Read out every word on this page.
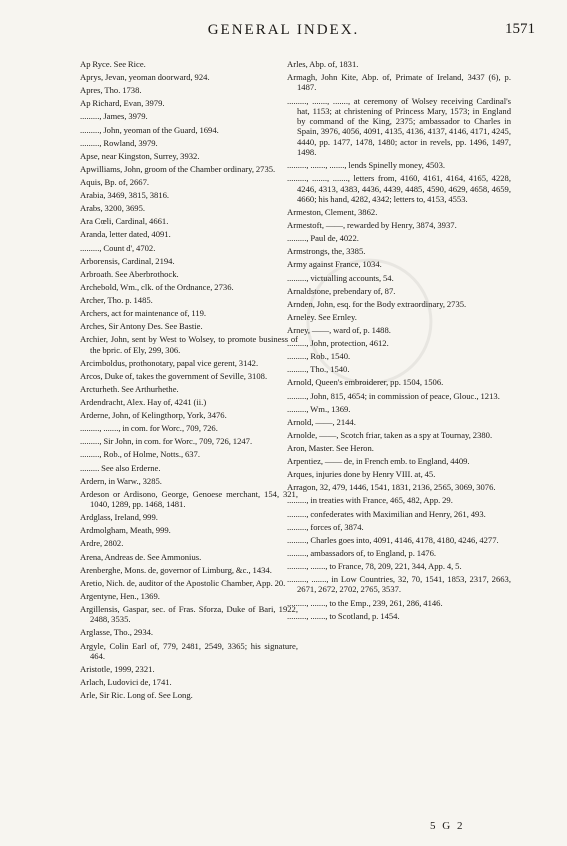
GENERAL INDEX.	1571
Ap Ryce. See Rice.
Aprys, Jevan, yeoman doorward, 924.
Apres, Tho. 1738.
Ap Richard, Evan, 3979.
........., James, 3979.
........., John, yeoman of the Guard, 1694.
........., Rowland, 3979.
Apse, near Kingston, Surrey, 3932.
Apwilliams, John, groom of the Chamber ordinary, 2735.
Aquis, Bp. of, 2667.
Arabia, 3469, 3815, 3816.
Arabs, 3200, 3695.
Ara Cœli, Cardinal, 4661.
Aranda, letter dated, 4091.
........., Count d', 4702.
Arborensis, Cardinal, 2194.
Arbroath. See Aberbrothock.
Archebold, Wm., clk. of the Ordnance, 2736.
Archer, Tho. p. 1485.
Archers, act for maintenance of, 119.
Arches, Sir Antony Des. See Bastie.
Archier, John, sent by West to Wolsey, to promote business of the bpric. of Ely, 299, 306.
Arcimboldus, prothonotary, papal vice gerent, 3142.
Arcos, Duke of, takes the government of Seville, 3108.
Arcturheth. See Arthurhethe.
Ardendracht, Alex. Hay of, 4241 (ii.)
Arderne, John, of Kelingthorp, York, 3476.
........., ......., in com. for Worc., 709, 726.
........., Sir John, in com. for Worc., 709, 726, 1247.
........., Rob., of Holme, Notts., 637.
......... See also Erderne.
Ardern, in Warw., 3285.
Ardeson or Ardisono, George, Genoese merchant, 154, 321, 1040, 1289, pp. 1468, 1481.
Ardglass, Ireland, 999.
Ardmolgham, Meath, 999.
Ardre, 2802.
Arena, Andreas de. See Ammonius.
Arenberghe, Mons. de, governor of Limburg, &c., 1434.
Aretio, Nich. de, auditor of the Apostolic Chamber, App. 20.
Argentyne, Hen., 1369.
Argillensis, Gaspar, sec. of Fras. Sforza, Duke of Bari, 1922, 2488, 3535.
Arglasse, Tho., 2934.
Argyle, Colin Earl of, 779, 2481, 2549, 3365; his signature, 464.
Aristotle, 1999, 2321.
Arlach, Ludovici de, 1741.
Arle, Sir Ric. Long of. See Long.
Arles, Abp. of, 1831.
Armagh, John Kite, Abp. of, Primate of Ireland, 3437 (6), p. 1487.
........., ......., ......., at ceremony of Wolsey receiving Cardinal's hat, 1153; at christening of Princess Mary, 1573; in England by command of the King, 2375; ambassador to Charles in Spain, 3976, 4056, 4091, 4135, 4136, 4137, 4146, 4171, 4245, 4440, pp. 1477, 1478, 1480; actor in revels, pp. 1496, 1497, 1498.
........., ......., ......., lends Spinelly money, 4503.
........., ......., ......., letters from, 4160, 4161, 4164, 4165, 4228, 4246, 4313, 4383, 4436, 4439, 4485, 4590, 4629, 4658, 4659, 4660; his hand, 4282, 4342; letters to, 4153, 4553.
Armeston, Clement, 3862.
Armestoft, ——, rewarded by Henry, 3874, 3937.
........., Paul de, 4022.
Armstrongs, the, 3385.
Army against France, 1034.
........., victualling accounts, 54.
Arnaldstone, prebendary of, 87.
Arnden, John, esq. for the Body extraordinary, 2735.
Arneley. See Ernley.
Arney, ——, ward of, p. 1488.
........., John, protection, 4612.
........., Rob., 1540.
........., Tho., 1540.
Arnold, Queen's embroiderer, pp. 1504, 1506.
........., John, 815, 4654; in commission of peace, Glouc., 1213.
........., Wm., 1369.
Arnold, ——, 2144.
Arnolde, ——, Scotch friar, taken as a spy at Tournay, 2380.
Aron, Master. See Heron.
Arpentiez, —— de, in French emb. to England, 4409.
Arques, injuries done by Henry VIII. at, 45.
Arragon, 32, 479, 1446, 1541, 1831, 2136, 2565, 3069, 3076.
........., in treaties with France, 465, 482, App. 29.
........., confederates with Maximilian and Henry, 261, 493.
........., forces of, 3874.
........., Charles goes into, 4091, 4146, 4178, 4180, 4246, 4277.
........., ambassadors of, to England, p. 1476.
........., ......., to France, 78, 209, 221, 344, App. 4, 5.
........., ......., in Low Countries, 32, 70, 1541, 1853, 2317, 2663, 2671, 2672, 2702, 2765, 3537.
........., ......., to the Emp., 239, 261, 286, 4146.
........., ......., to Scotland, p. 1454.
5 G 2
